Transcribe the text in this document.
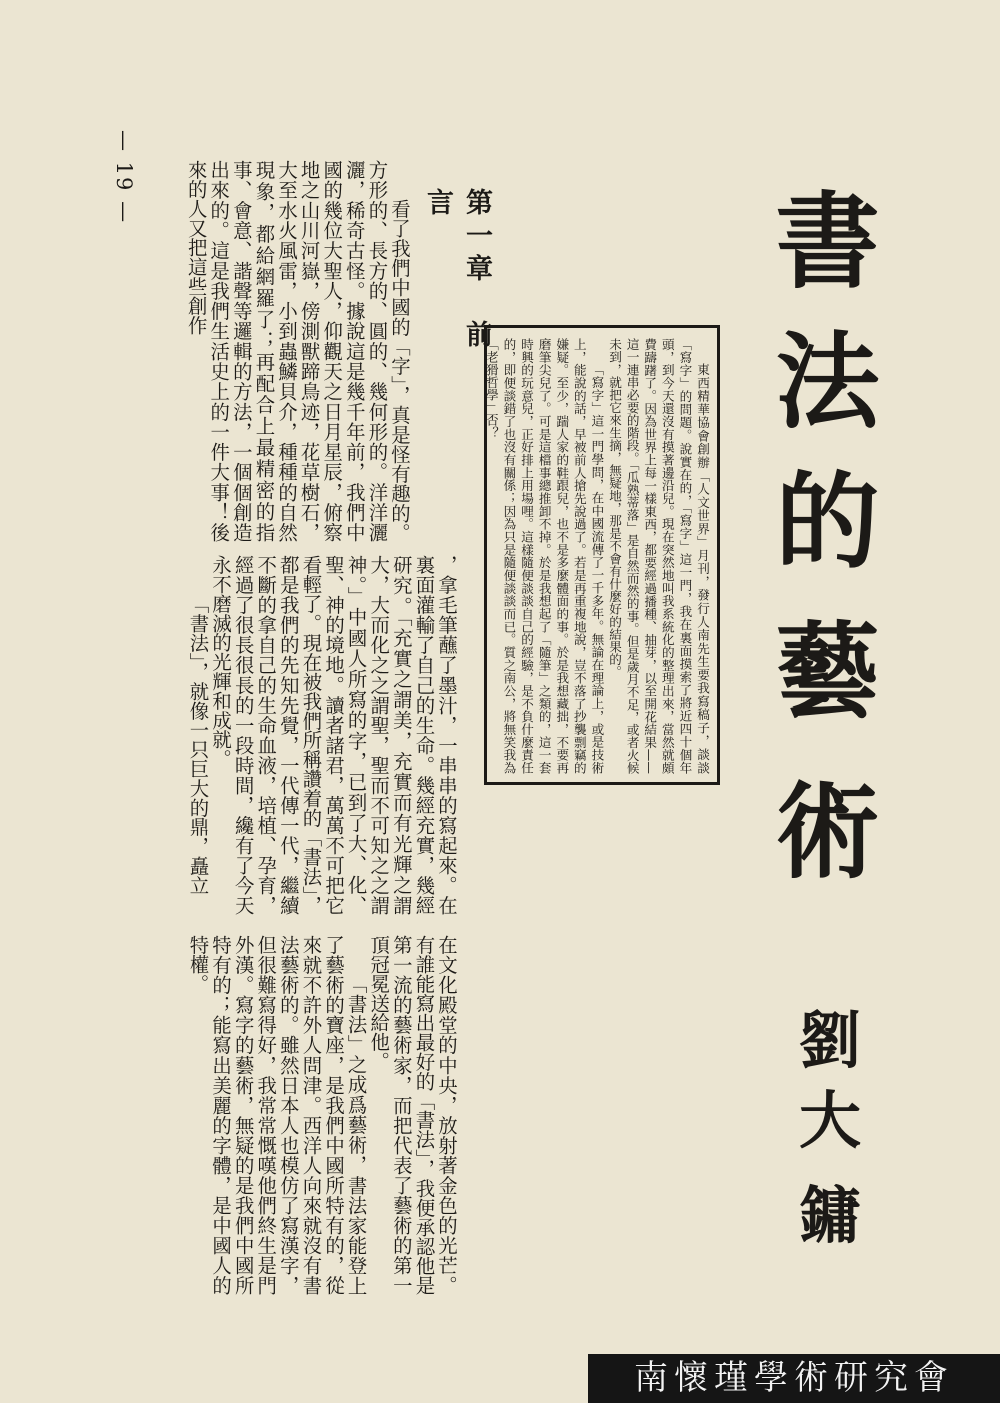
— 19 —
書
法
的
藝
術
劉
大
鏞

東西精華協會創辦「人文世界」月刊，發行人南先生要我寫稿子，談談「寫字」的問題。說實在的，「寫字」這一門，我在裏面摸索了將近四十個年頭，到今天還沒有摸著邊沿兒。現在突然地叫我系統化的整理出來，當然就頗費躊躇了。因為世界上每一樣東西，都要經過播種、抽芽，以至開花結果——這一連串必要的階段。「瓜熟蒂落」是自然而然的事。但是歲月不足，或者火候未到，就把它來生摘，無疑地，那是不會有什麼好的結果的。

「寫字」這一門學問，在中國流傳了一千多年。無論在理論上，或是技術上，能說的話，早被前人搶先說過了。若是再重複地說，豈不落了抄襲剽竊的嫌疑。至少，踹人家的鞋跟兒，也不是多麼體面的事。於是我想藏拙，不要再磨筆尖兒了。可是這檔事總推卸不掉。於是我想起了「隨筆」之類的，這一套時興的玩意兒，正好排上用場哩。這樣隨便談談自己的經驗，是不負什麼責任的，即便談錯了也沒有關係；因為只是隨便談談而已。質之南公，將無笑我為「老猾哲學」否？

第一章　前　言

看了我們中國的「字」，真是怪有趣的。方形的、長方的、圓的、幾何形的。洋洋灑灑，稀奇古怪。據說這是幾千年前，我們中國的幾位大聖人，仰觀天之日月星辰，俯察地之山川河嶽，傍測獸蹄鳥迹，花草樹石，大至水火風雷，小到蟲鱗貝介，種種的自然現象，都給網羅了；再配合上最精密的指事、會意、諧聲等邏輯的方法，一個個創造出來的。這是我們生活史上的一件大事！後來的人又把這些創作

，拿毛筆蘸了墨汁，一串串的寫起來。在裏面灌輸了自己的生命。幾經充實，幾經研究。「充實之謂美，充實而有光輝之謂大，大而化之之謂聖，聖而不可知之之謂神。」中國人所寫的字，已到了大、化、聖、神的境地。讀者諸君，萬萬不可把它看輕了。現在被我們所稱讚着的「書法」，都是我們的先知先覺，一代傳一代，繼續不斷的拿自己的生命血液，培植、孕育，經過了很長很長的一段時間，纔有了今天永不磨滅的光輝和成就。

「書法」，就像一只巨大的鼎，矗立

在文化殿堂的中央，放射著金色的光芒。有誰能寫出最好的「書法」，我便承認他是第一流的藝術家，而把代表了藝術的第一頂冠冕送給他。

「書法」之成爲藝術，書法家能登上了藝術的寶座，是我們中國所特有的，從來就不許外人問津。西洋人向來就沒有書法藝術的。雖然日本人也模仿了寫漢字，但很難寫得好，我常常慨嘆他們終生是門外漢。寫字的藝術，無疑的是我們中國所特有的；能寫出美麗的字體，是中國人的特權。

南懷瑾學術研究會
